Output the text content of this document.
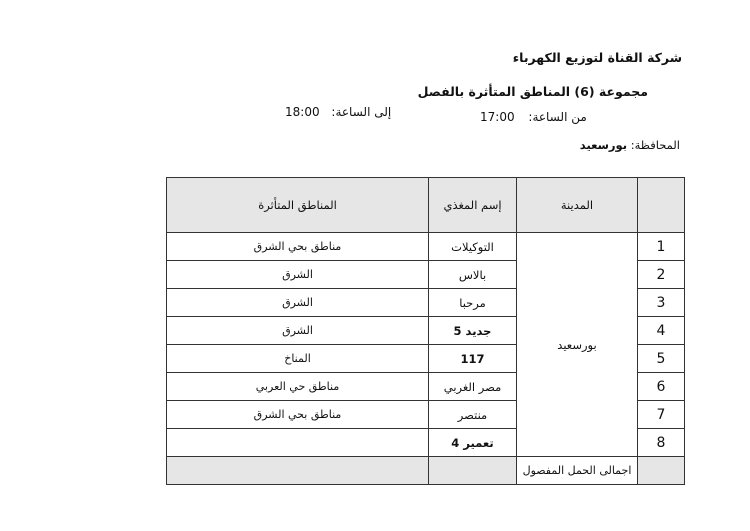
شركة القناة لتوزيع الكهرباء
مجموعة (6) المناطق المتأثرة بالفصل
من الساعة: 17:00
إلى الساعة: 18:00
المحافظة: بورسعيد
المناطق المتأثرة	إسم المغذي	المدينة	
مناطق بحي الشرق	التوكيلات	بورسعيد	1
الشرق	بالاس		2
الشرق	مرحبا		3
الشرق	جديد 5		4
المناخ	117		5
مناطق حي العربي	مصر الغربي		6
مناطق بحي الشرق	منتصر		7
	تعمير 4		8
		اجمالى الحمل المفصول	
